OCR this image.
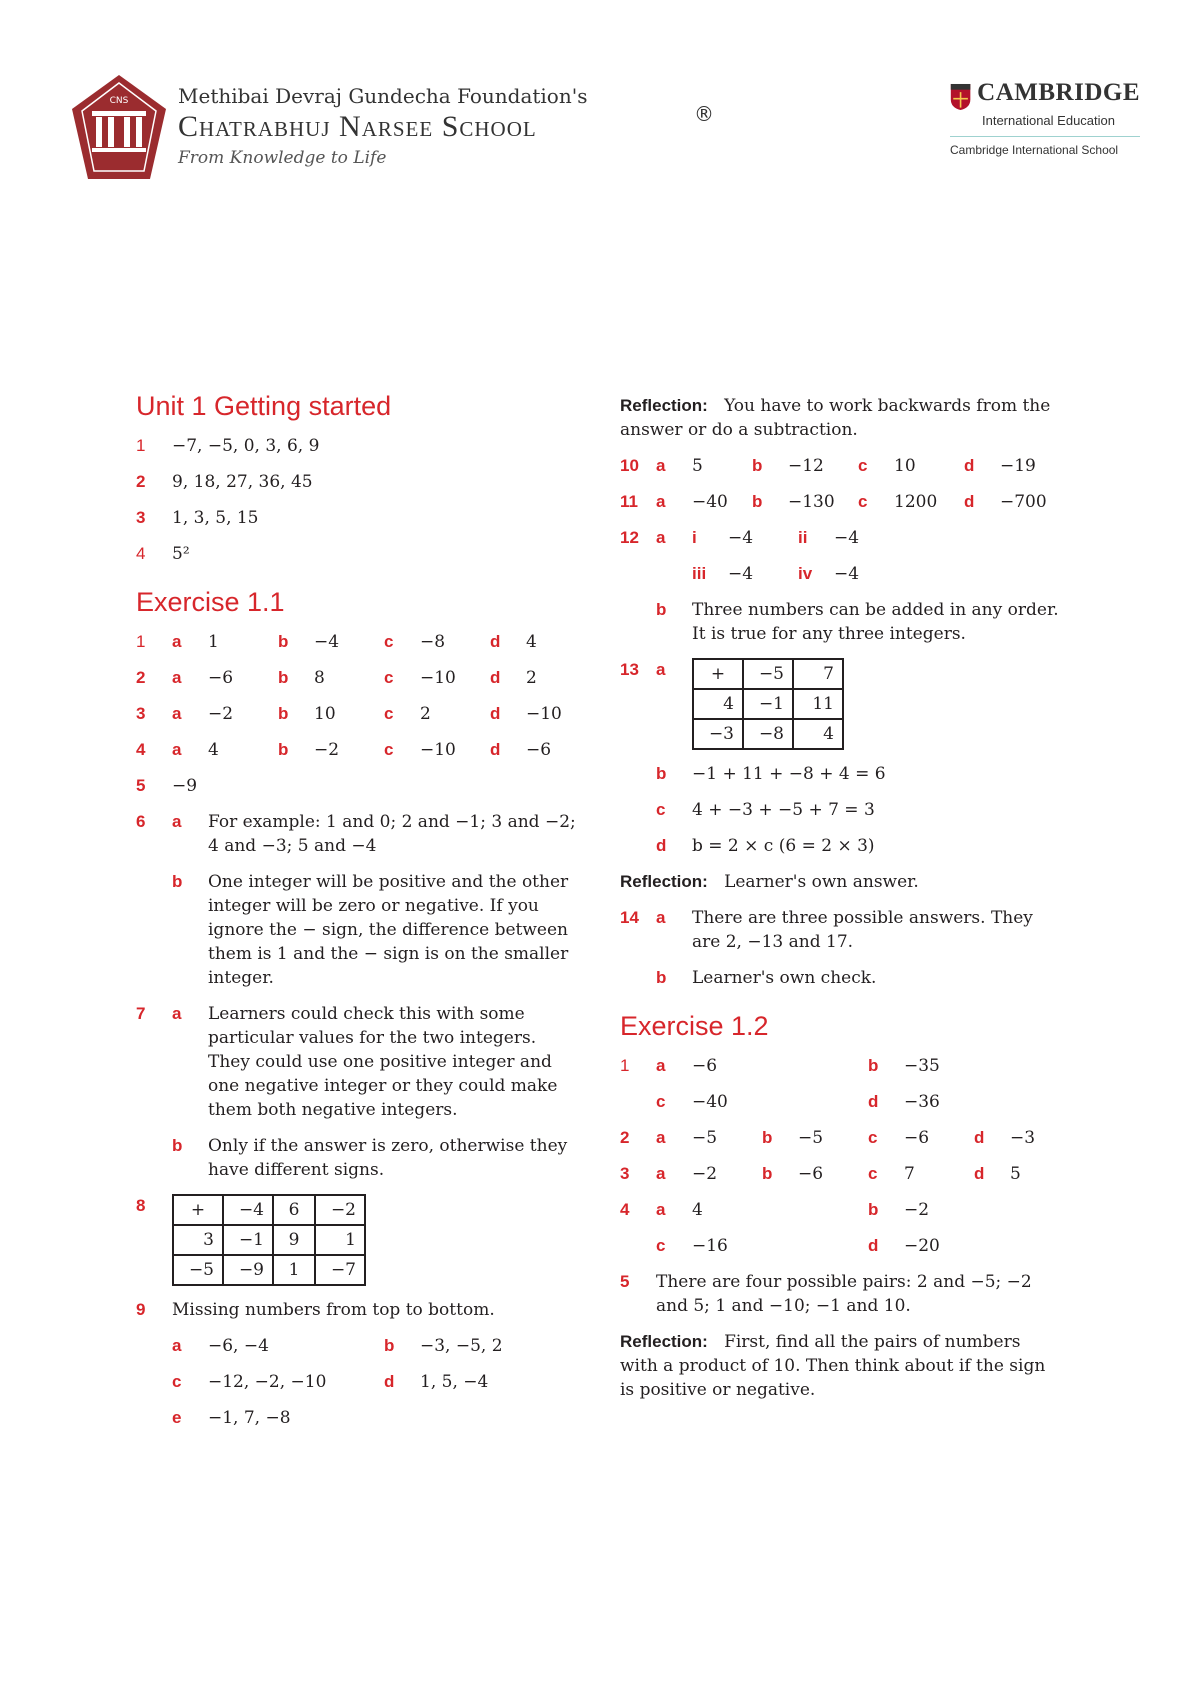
CNS Methibai Devraj Gundecha Foundation's
Chatrabhuj Narsee School
From Knowledge to Life
®
CAMBRIDGE
International Education
Cambridge International School
Unit 1 Getting started
1	−7, −5, 0, 3, 6, 9
2	9, 18, 27, 36, 45
3	1, 3, 5, 15
4	5²
Exercise 1.1
1	a	1	b	−4	c	−8	d	4
2	a	−6	b	8	c	−10	d	2
3	a	−2	b	10	c	2	d	−10
4	a	4	b	−2	c	−10	d	−6
5	−9
6	a	For example: 1 and 0; 2 and −1; 3 and −2; 4 and −3; 5 and −4
b	One integer will be positive and the other integer will be zero or negative. If you ignore the − sign, the difference between them is 1 and the − sign is on the smaller integer.
7	a	Learners could check this with some particular values for the two integers. They could use one positive integer and one negative integer or they could make them both negative integers.
b	Only if the answer is zero, otherwise they have different signs.
8	+	−4	6	−2
3	−1	9	1
−5	−9	1	−7
9	Missing numbers from top to bottom.
a	−6, −4	b	−3, −5, 2
c	−12, −2, −10	d	1, 5, −4
e	−1, 7, −8
Reflection: You have to work backwards from the answer or do a subtraction.
10	a	5	b	−12	c	10	d	−19
11	a	−40	b	−130	c	1200	d	−700
12	a	i	−4	ii	−4
iii	−4	iv	−4
b	Three numbers can be added in any order. It is true for any three integers.
13	a	+	−5	7
4	−1	11
−3	−8	4
b	−1 + 11 + −8 + 4 = 6
c	4 + −3 + −5 + 7 = 3
d	b = 2 × c (6 = 2 × 3)
Reflection: Learner's own answer.
14	a	There are three possible answers. They are 2, −13 and 17.
b	Learner's own check.
Exercise 1.2
1	a	−6	b	−35
c	−40	d	−36
2	a	−5	b	−5	c	−6	d	−3
3	a	−2	b	−6	c	7	d	5
4	a	4	b	−2
c	−16	d	−20
5	There are four possible pairs: 2 and −5; −2 and 5; 1 and −10; −1 and 10.
Reflection: First, find all the pairs of numbers with a product of 10. Then think about if the sign is positive or negative.
